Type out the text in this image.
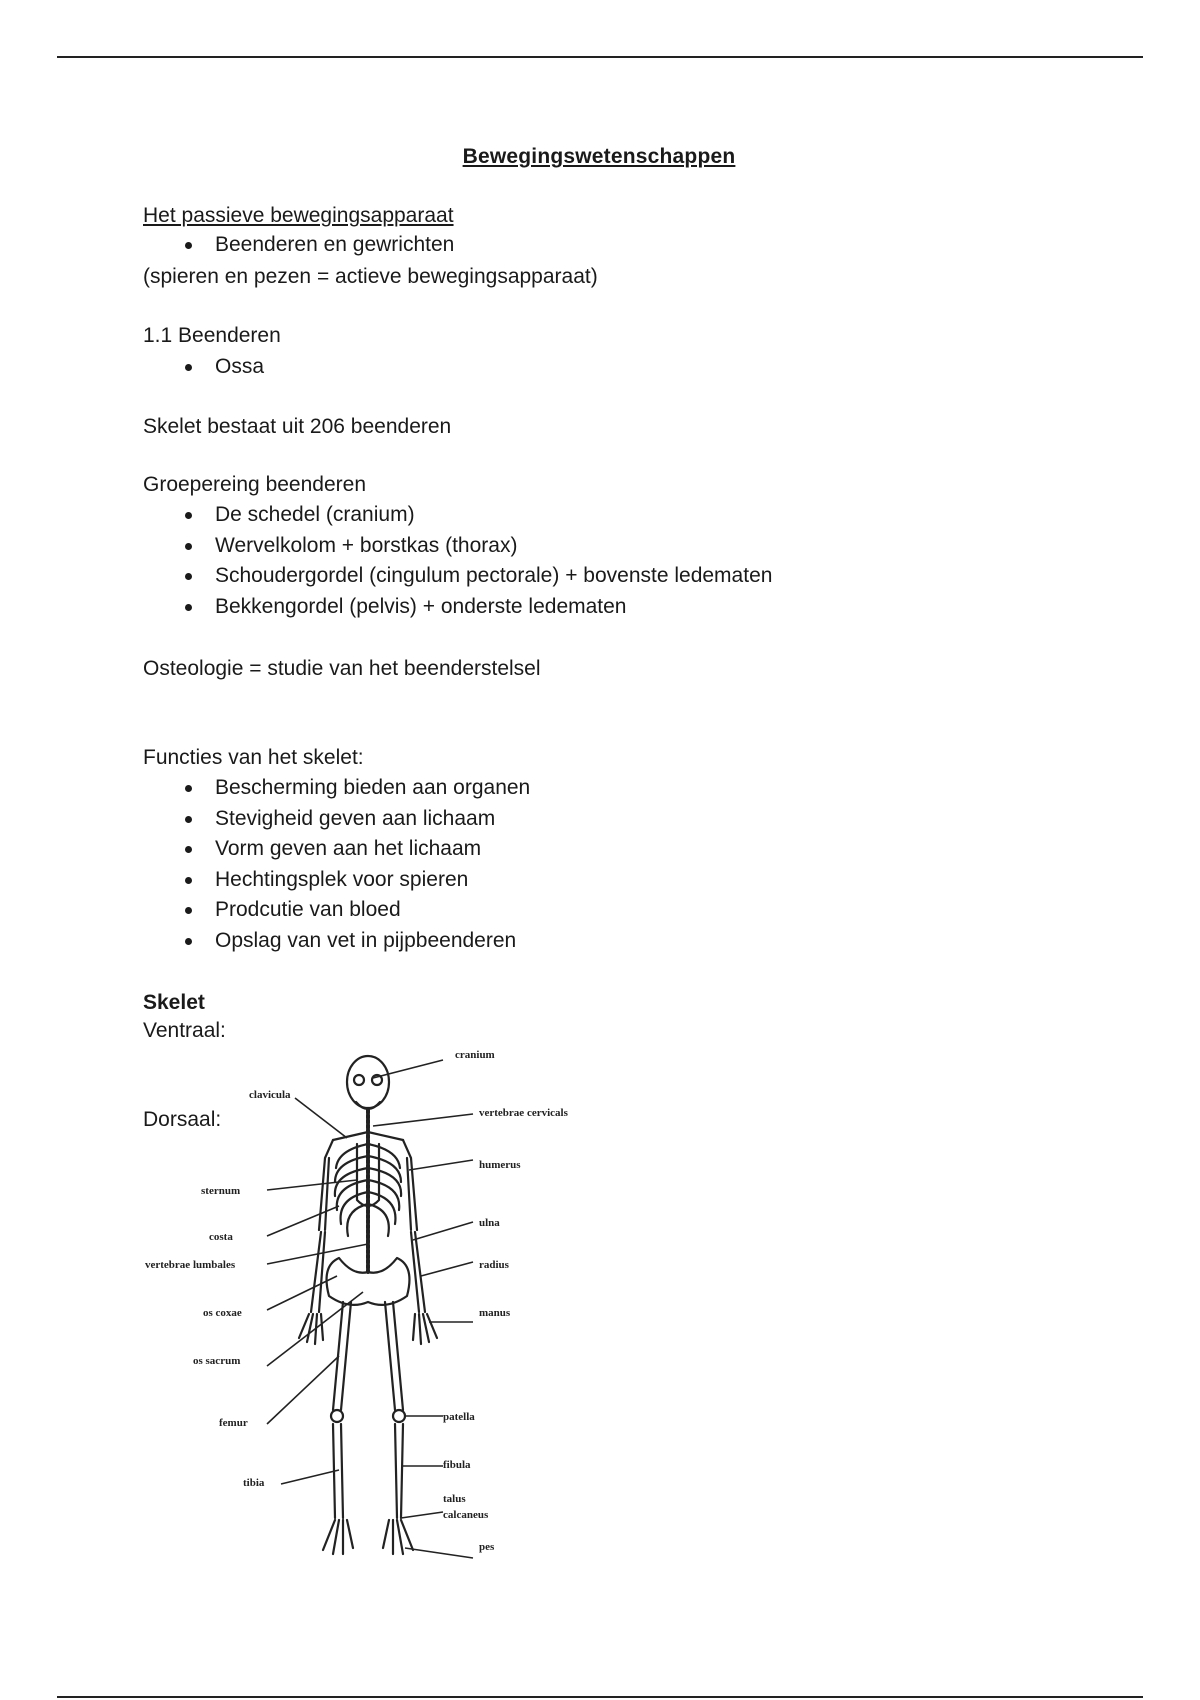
Bewegingswetenschappen
Het passieve bewegingsapparaat
Beenderen en gewrichten
(spieren en pezen = actieve bewegingsapparaat)
1.1 Beenderen
Ossa
Skelet bestaat uit 206 beenderen
Groepereing beenderen
De schedel (cranium)
Wervelkolom + borstkas (thorax)
Schoudergordel (cingulum pectorale) + bovenste ledematen
Bekkengordel (pelvis) + onderste ledematen
Osteologie = studie van het beenderstelsel
Functies van het skelet:
Bescherming bieden aan organen
Stevigheid geven aan lichaam
Vorm geven aan het lichaam
Hechtingsplek voor spieren
Prodcutie van bloed
Opslag van vet in pijpbeenderen
Skelet
Ventraal:
Dorsaal:
cranium
clavicula
vertebrae cervicals
humerus
sternum
costa
ulna
vertebrae lumbales	radius
os coxae	manus
os sacrum
patella
femur
fibula
tibia
talus
calcaneus
pes
